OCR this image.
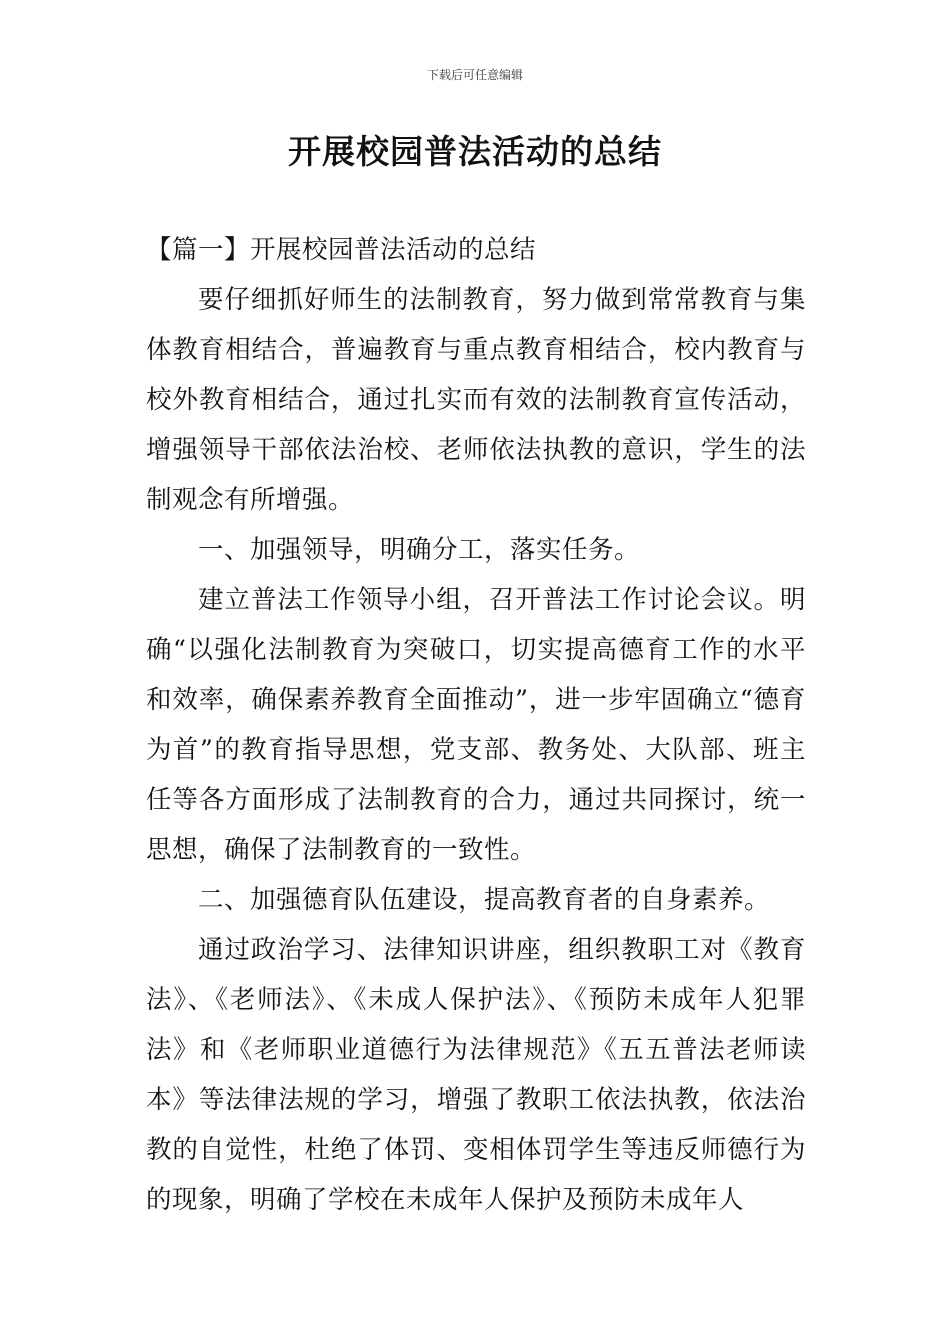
下载后可任意编辑
开展校园普法活动的总结

【篇一】开展校园普法活动的总结

要仔细抓好师生的法制教育，努力做到常常教育与集体教育相结合，普遍教育与重点教育相结合，校内教育与校外教育相结合，通过扎实而有效的法制教育宣传活动，增强领导干部依法治校、老师依法执教的意识，学生的法制观念有所增强。

一、加强领导，明确分工，落实任务。

建立普法工作领导小组，召开普法工作讨论会议。明确“以强化法制教育为突破口，切实提高德育工作的水平和效率，确保素养教育全面推动”，进一步牢固确立“德育为首”的教育指导思想，党支部、教务处、大队部、班主任等各方面形成了法制教育的合力，通过共同探讨，统一思想，确保了法制教育的一致性。

二、加强德育队伍建设，提高教育者的自身素养。

通过政治学习、法律知识讲座，组织教职工对《教育法》、《老师法》、《未成人保护法》、《预防未成年人犯罪法》和《老师职业道德行为法律规范》《五五普法老师读本》等法律法规的学习，增强了教职工依法执教，依法治教的自觉性，杜绝了体罚、变相体罚学生等违反师德行为的现象，明确了学校在未成年人保护及预防未成年人
